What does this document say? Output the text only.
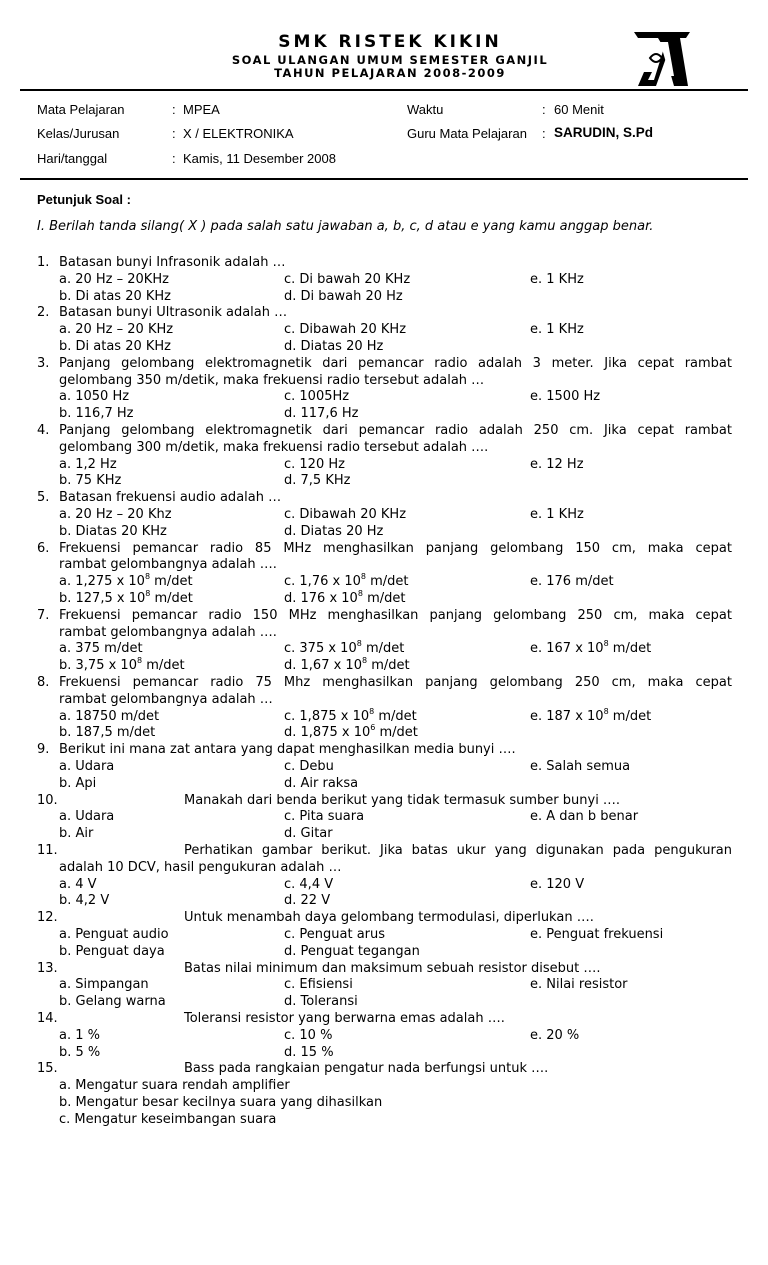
SMK RISTEK KIKIN
SOAL ULANGAN UMUM SEMESTER GANJIL
TAHUN PELAJARAN 2008-2009
Mata Pelajaran	: MPEA
Kelas/Jurusan	: X / ELEKTRONIKA
Hari/tanggal	: Kamis, 11 Desember 2008
Waktu	: 60 Menit
Guru Mata Pelajaran : SARUDIN, S.Pd
Petunjuk Soal :
I. Berilah tanda silang( X ) pada salah satu jawaban a, b, c, d atau e yang kamu anggap benar.
1. Batasan bunyi Infrasonik adalah …
a. 20 Hz – 20KHz	c. Di bawah 20 KHz	e. 1 KHz
b. Di atas 20 KHz	d. Di bawah 20 Hz
2. Batasan bunyi Ultrasonik adalah …
a. 20 Hz – 20 KHz	c. Dibawah 20 KHz	e. 1 KHz
b. Di atas 20 KHz	d. Diatas 20 Hz
3. Panjang gelombang elektromagnetik dari pemancar radio adalah 3 meter. Jika cepat rambat
gelombang 350 m/detik, maka frekuensi radio tersebut adalah …
a. 1050 Hz	c. 1005Hz	e. 1500 Hz
b. 116,7 Hz	d. 117,6 Hz
4. Panjang gelombang elektromagnetik dari pemancar radio adalah 250 cm. Jika cepat rambat
gelombang 300 m/detik, maka frekuensi radio tersebut adalah ….
a. 1,2 Hz	c. 120 Hz	e. 12 Hz
b. 75 KHz	d. 7,5 KHz
5. Batasan frekuensi audio adalah …
a. 20 Hz – 20 Khz	c. Dibawah 20 KHz	e. 1 KHz
b. Diatas 20 KHz	d. Diatas 20 Hz
6. Frekuensi pemancar radio 85 MHz menghasilkan panjang gelombang 150 cm, maka cepat
rambat gelombangnya adalah ….
a. 1,275 x $10^8$ m/det	c. 1,76 x $10^8$ m/det	e. 176 m/det
b. 127,5 x $10^8$ m/det	d. 176 x $10^8$ m/det
7. Frekuensi pemancar radio 150 MHz menghasilkan panjang gelombang 250 cm, maka cepat
rambat gelombangnya adalah ….
a. 375 m/det	c. 375 x $10^8$ m/det	e. 167 x $10^8$ m/det
b. 3,75 x $10^8$ m/det	d. 1,67 x $10^8$ m/det
8. Frekuensi pemancar radio 75 Mhz menghasilkan panjang gelombang 250 cm, maka cepat
rambat gelombangnya adalah …
a. 18750 m/det	c. 1,875 x $10^8$ m/det	e. 187 x $10^8$ m/det
b. 187,5 m/det	d. 1,875 x $10^6$ m/det
9. Berikut ini mana zat antara yang dapat menghasilkan media bunyi ….
a. Udara	c. Debu	e. Salah semua
b. Api	d. Air raksa
10.	Manakah dari benda berikut yang tidak termasuk sumber bunyi ….
a. Udara	c. Pita suara	e. A dan b benar
b. Air	d. Gitar
11.	Perhatikan gambar berikut. Jika batas ukur yang digunakan pada pengukuran
adalah 10 DCV, hasil pengukuran adalah …
a. 4 V	c. 4,4 V	e. 120 V
b. 4,2 V	d. 22 V
12.	Untuk menambah daya gelombang termodulasi, diperlukan ….
a. Penguat audio	c. Penguat arus	e. Penguat frekuensi
b. Penguat daya	d. Penguat tegangan
13.	Batas nilai minimum dan maksimum sebuah resistor disebut ….
a. Simpangan	c. Efisiensi	e. Nilai resistor
b. Gelang warna	d. Toleransi
14.	Toleransi resistor yang berwarna emas adalah ….
a. 1 %	c. 10 %	e. 20 %
b. 5 %	d. 15 %
15.	Bass pada rangkaian pengatur nada berfungsi untuk ….
a. Mengatur suara rendah amplifier
b. Mengatur besar kecilnya suara yang dihasilkan
c. Mengatur keseimbangan suara
